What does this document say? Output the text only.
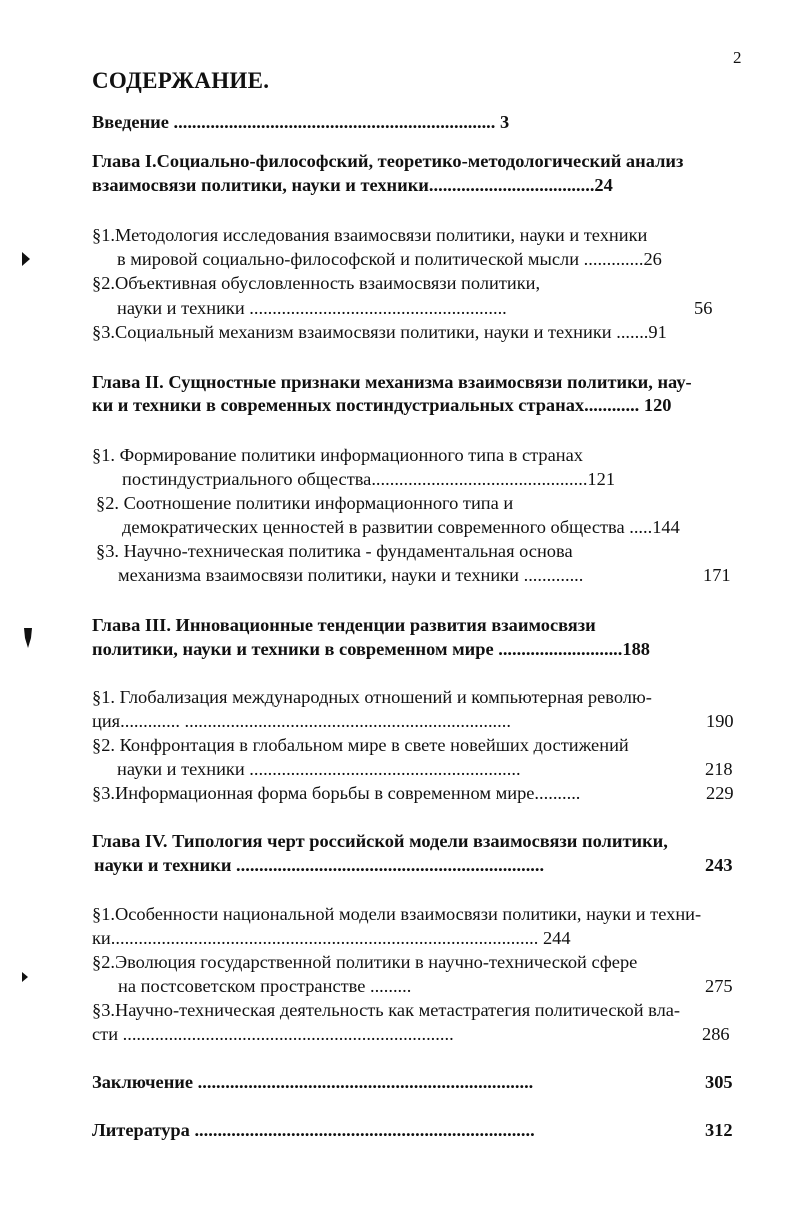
2
СОДЕРЖАНИЕ.
Введение ...................................................................... 3
Глава I.Социально-философский, теоретико-методологический анализ
взаимосвязи политики, науки и техники....................................24
§1.Методология исследования взаимосвязи политики, науки и техники
в мировой социально-философской и политической мысли .............26
§2.Объективная обусловленность взаимосвязи политики,
науки и техники ........................................................	56
§3.Социальный механизм взаимосвязи политики, науки и техники .......91
Глава II. Сущностные признаки механизма взаимосвязи политики, нау-
ки и техники в современных постиндустриальных странах............ 120
§1. Формирование политики информационного типа в странах
постиндустриального общества...............................................121
§2. Соотношение политики информационного типа и
демократических ценностей в развитии современного общества .....144
§3. Научно-техническая политика - фундаментальная основа
механизма взаимосвязи политики, науки и техники .............	171
Глава III. Инновационные тенденции развития взаимосвязи
политики, науки и техники в современном мире ...........................188
§1. Глобализация международных отношений и компьютерная револю-
ция............. .......................................................................	190
§2. Конфронтация в глобальном мире в свете новейших достижений
науки и техники ...........................................................	218
§3.Информационная форма борьбы в современном мире..........	229
Глава IV. Типология черт российской модели взаимосвязи политики,
науки и техники ...................................................................	243
§1.Особенности национальной модели взаимосвязи политики, науки и техни-
ки............................................................................................. 244
§2.Эволюция государственной политики в научно-технической сфере
на постсоветском пространстве .........	275
§3.Научно-техническая деятельность как метастратегия политической вла-
сти ........................................................................	286
Заключение .........................................................................	305
Литература ..........................................................................	312
